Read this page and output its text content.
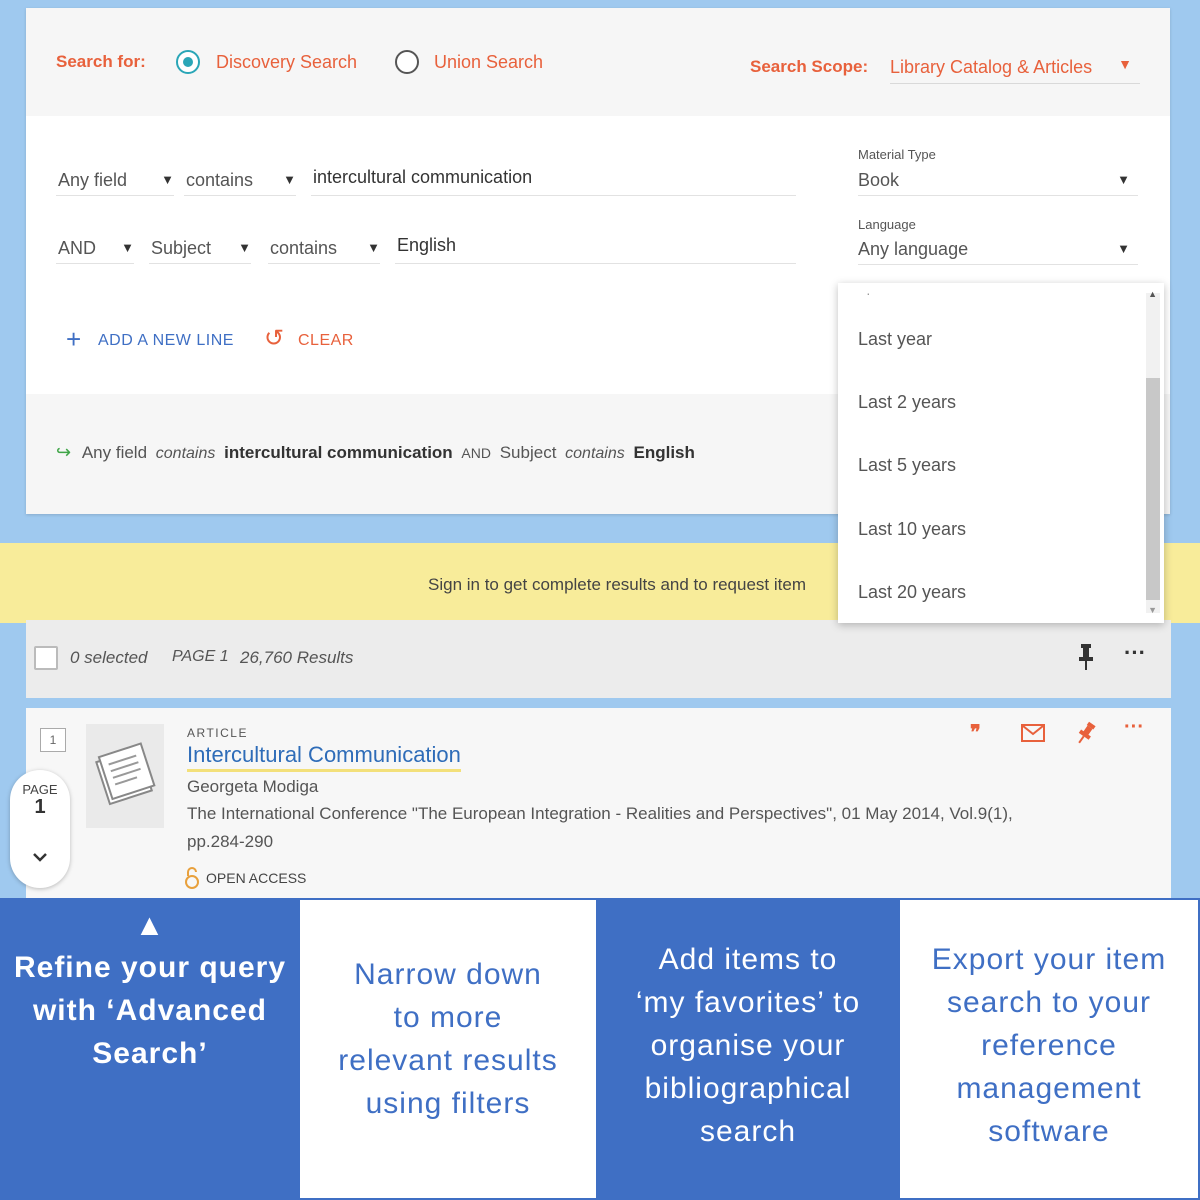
Search for:	Discovery Search	Union Search	Search Scope: Library Catalog & Articles ▼
Any field	▼ contains ▼ intercultural communication
AND ▼ Subject ▼ contains ▼ English
Material Type
Book	▼
Language
Any language	▼
+ ADD A NEW LINE ↺ CLEAR
↪ Any field contains intercultural communication AND Subject contains English
Sign in to get complete results and to request item
0 selected PAGE 1 26,760 Results	···
1	ARTICLE
Intercultural Communication
Georgeta Modiga
The International Conference "The European Integration - Realities and Perspectives", 01 May 2014, Vol.9(1),
pp.284-290
OPEN ACCESS
❞	···
PAGE
1
·
Last year
Last 2 years
Last 5 years
Last 10 years
Last 20 years
▲
▼
▲
Refine your query
with ‘Advanced
Search’
Narrow down
to more
relevant results
using filters
Add items to
‘my favorites’ to
organise your
bibliographical
search
Export your item
search to your
reference
management
software
